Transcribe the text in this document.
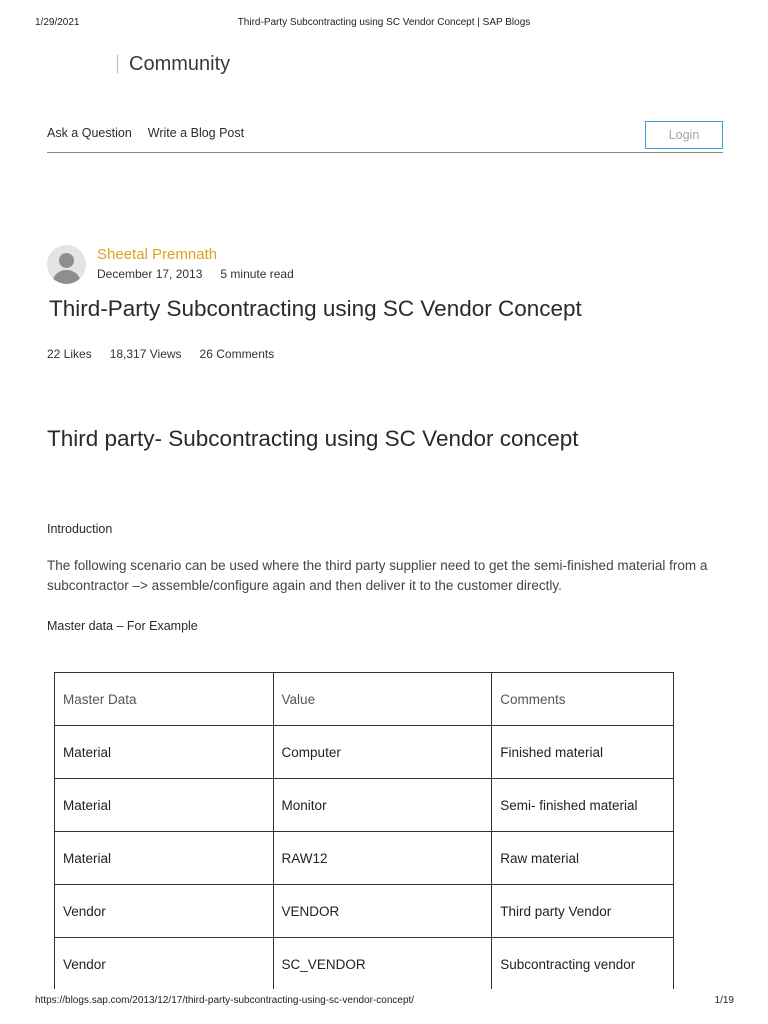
1/29/2021	Third-Party Subcontracting using SC Vendor Concept | SAP Blogs
Community
Ask a Question Write a Blog Post	Login
Sheetal Premnath
December 17, 2013 5 minute read
Third-Party Subcontracting using SC Vendor Concept
22 Likes 18,317 Views 26 Comments
Third party- Subcontracting using SC Vendor concept
Introduction

The following scenario can be used where the third party supplier need to get the semi-finished material from a subcontractor –> assemble/configure again and then deliver it to the customer directly.

Master data – For Example
Master Data	Value	Comments
Material	Computer	Finished material
Material	Monitor	Semi- finished material
Material	RAW12	Raw material
Vendor	VENDOR	Third party Vendor
Vendor	SC_VENDOR	Subcontracting vendor
https://blogs.sap.com/2013/12/17/third-party-subcontracting-using-sc-vendor-concept/	1/19
